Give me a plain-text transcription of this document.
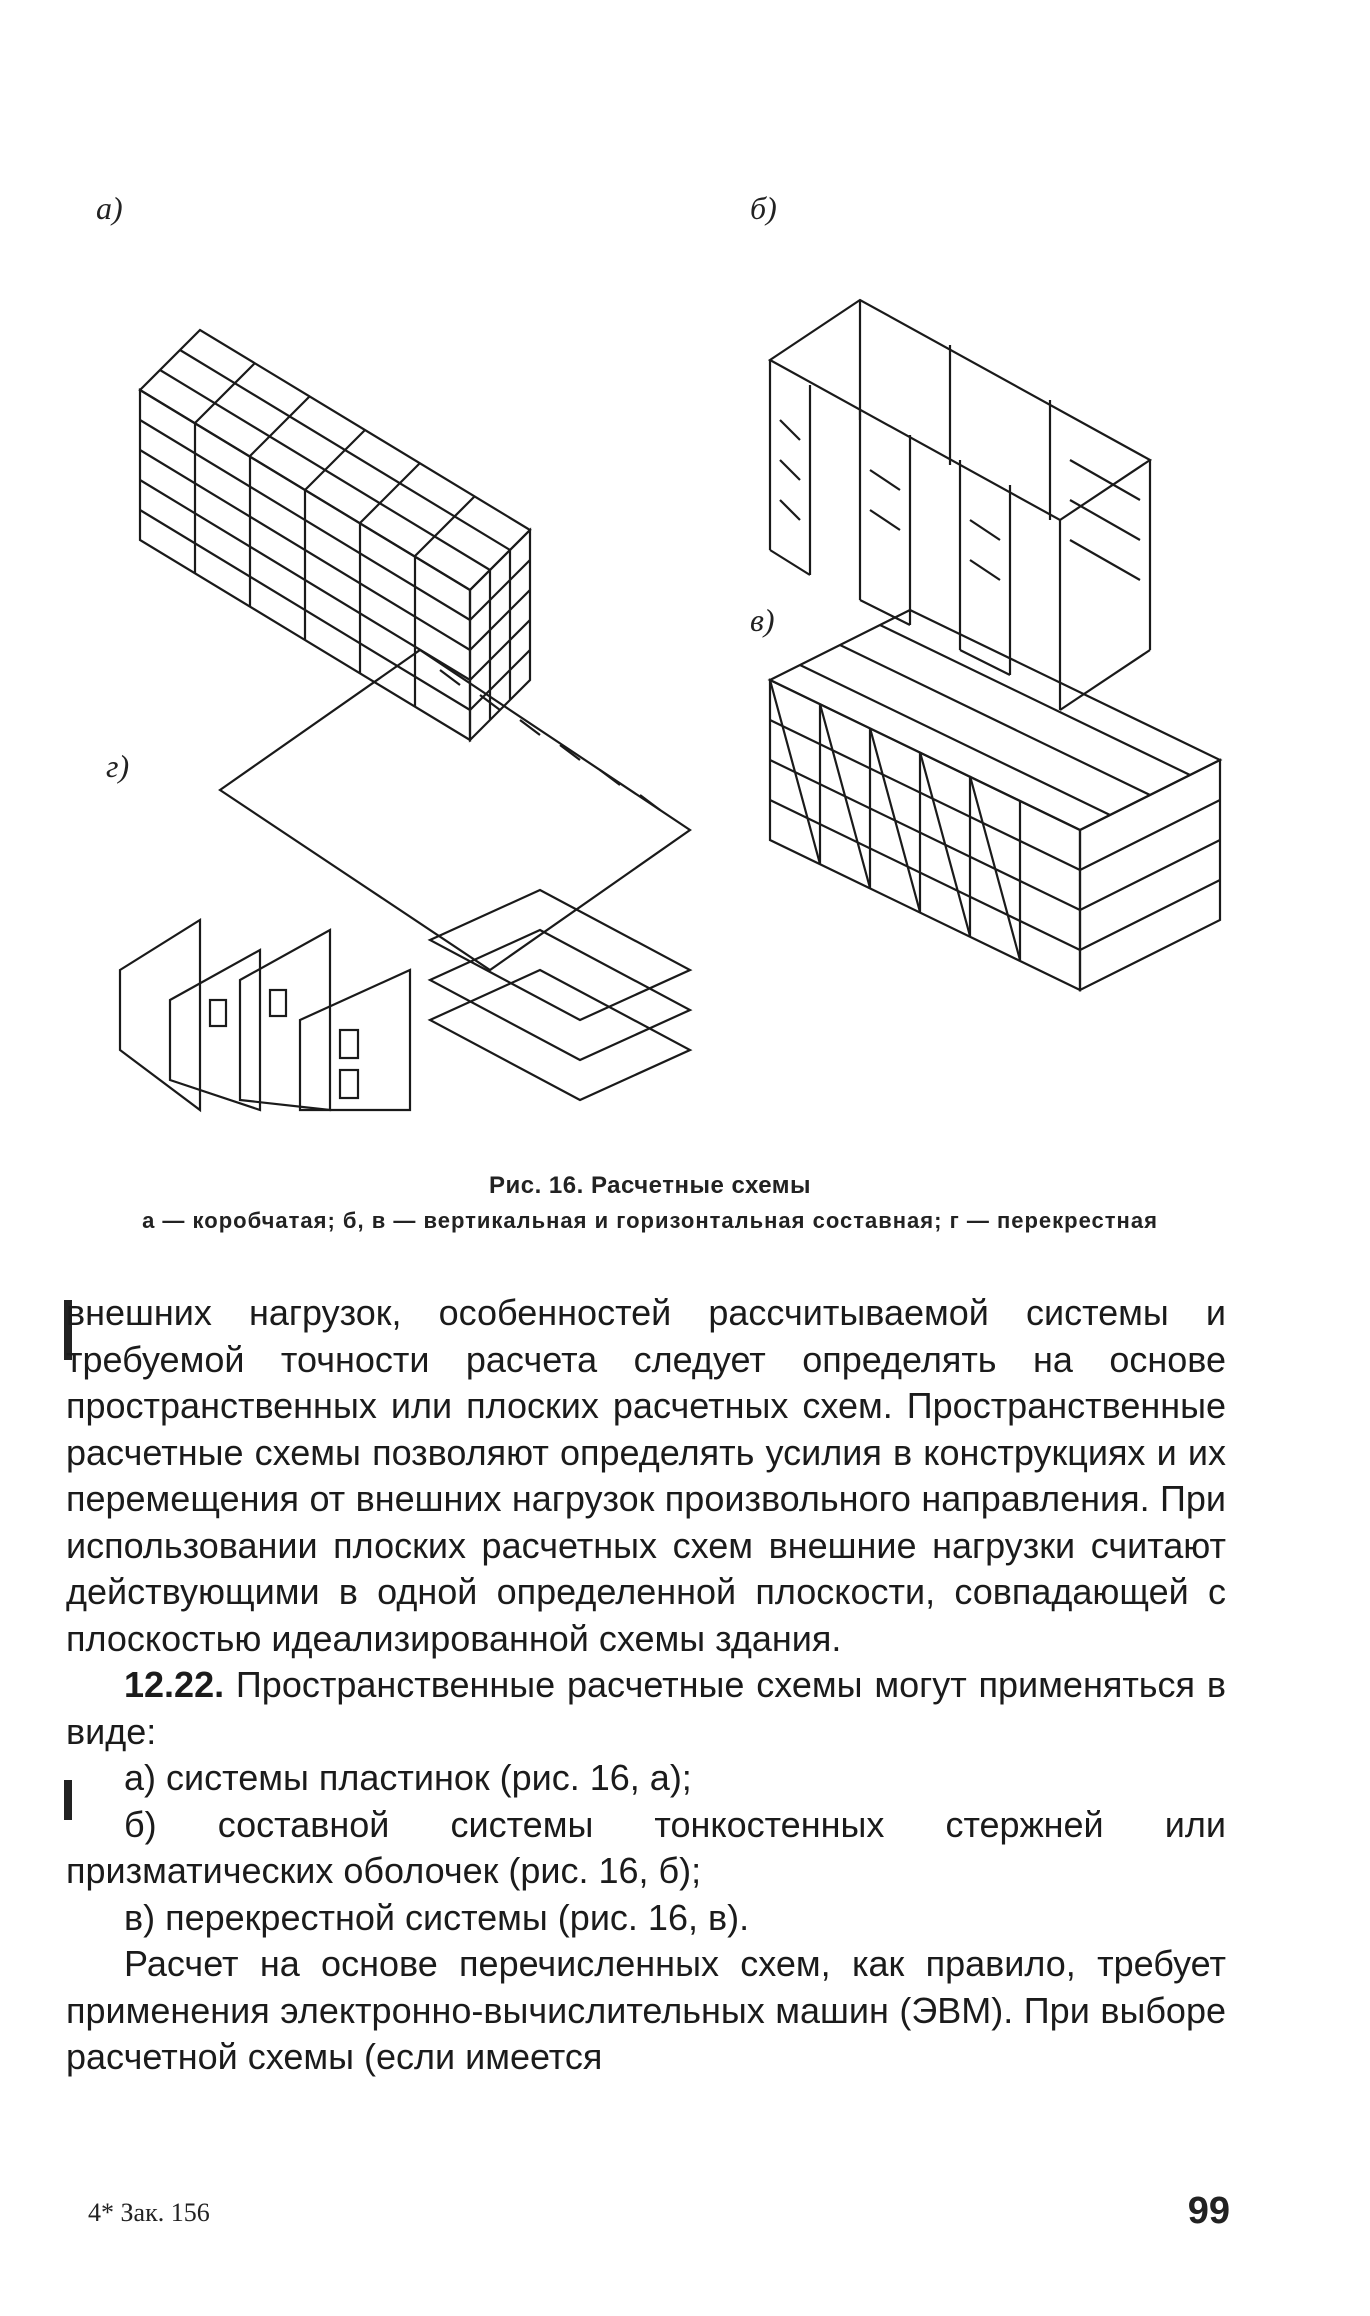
а)	б)
в)
г)
Рис. 16. Расчетные схемы
а — коробчатая; б, в — вертикальная и горизонтальная составная; г — перекрестная

внешних нагрузок, особенностей рассчитываемой системы и требуемой точности расчета следует определять на основе пространственных или плоских расчетных схем. Пространственные расчетные схемы позволяют определять усилия в конструкциях и их перемещения от внешних нагрузок произвольного направления. При использовании плоских расчетных схем внешние нагрузки считают действующими в одной определенной плоскости, совпадающей с плоскостью идеализированной схемы здания.

12.22. Пространственные расчетные схемы могут применяться в виде:

а) системы пластинок (рис. 16, а);

б) составной системы тонкостенных стержней или призматических оболочек (рис. 16, б);

в) перекрестной системы (рис. 16, в).

Расчет на основе перечисленных схем, как правило, требует применения электронно-вычислительных машин (ЭВМ). При выборе расчетной схемы (если имеется

4* Зак. 156	99
